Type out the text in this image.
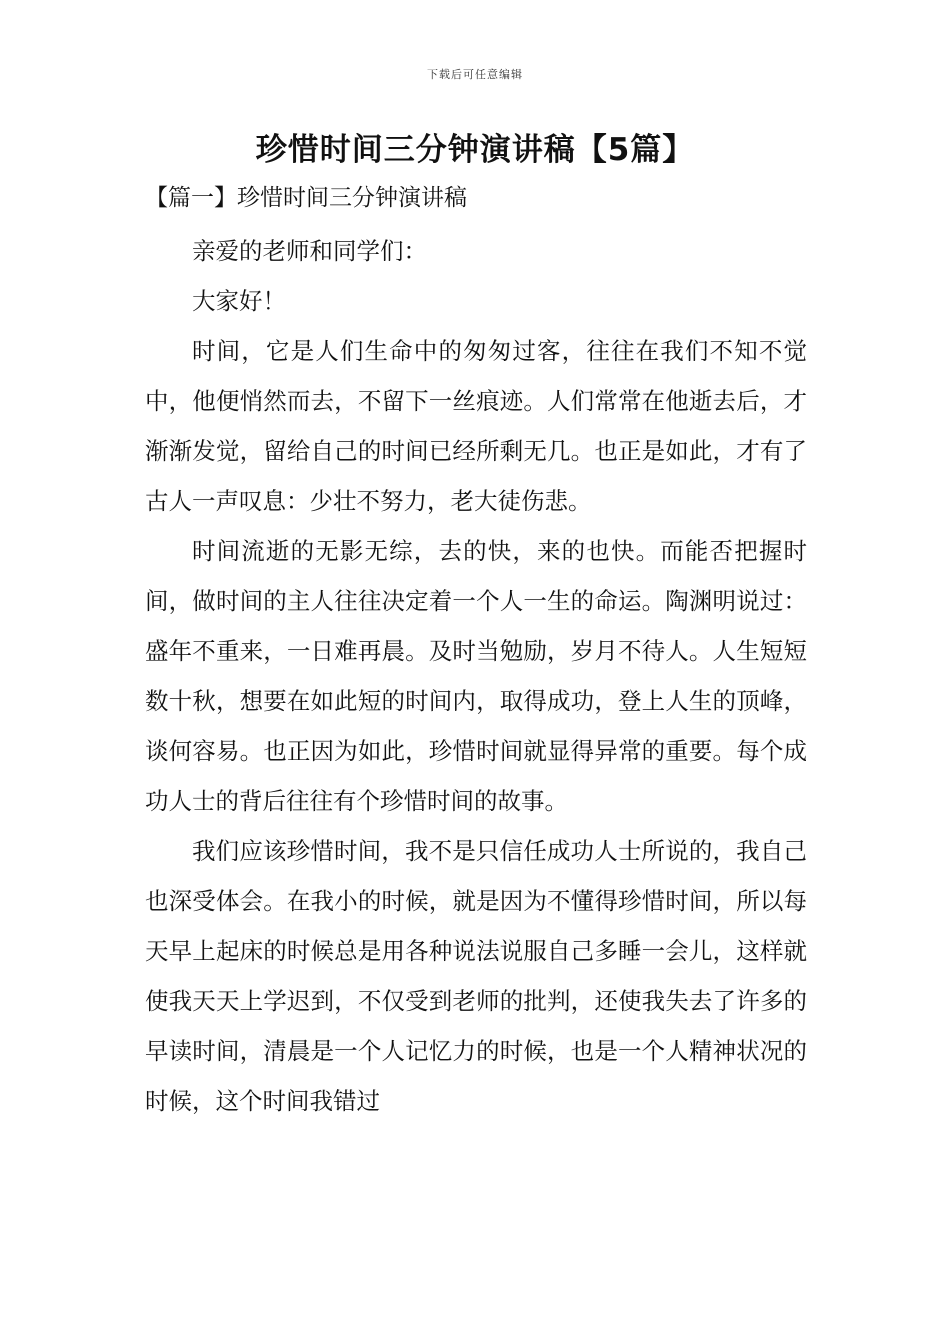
下载后可任意编辑
珍惜时间三分钟演讲稿【5篇】
【篇一】珍惜时间三分钟演讲稿

亲爱的老师和同学们：

大家好！

时间，它是人们生命中的匆匆过客，往往在我们不知不觉中，他便悄然而去，不留下一丝痕迹。人们常常在他逝去后，才渐渐发觉，留给自己的时间已经所剩无几。也正是如此，才有了古人一声叹息：少壮不努力，老大徒伤悲。

时间流逝的无影无综，去的快，来的也快。而能否把握时间，做时间的主人往往决定着一个人一生的命运。陶渊明说过：盛年不重来，一日难再晨。及时当勉励，岁月不待人。人生短短数十秋，想要在如此短的时间内，取得成功，登上人生的顶峰，谈何容易。也正因为如此，珍惜时间就显得异常的重要。每个成功人士的背后往往有个珍惜时间的故事。

我们应该珍惜时间，我不是只信任成功人士所说的，我自己也深受体会。在我小的时候，就是因为不懂得珍惜时间，所以每天早上起床的时候总是用各种说法说服自己多睡一会儿，这样就使我天天上学迟到，不仅受到老师的批判，还使我失去了许多的早读时间，清晨是一个人记忆力的时候，也是一个人精神状况的时候，这个时间我错过
